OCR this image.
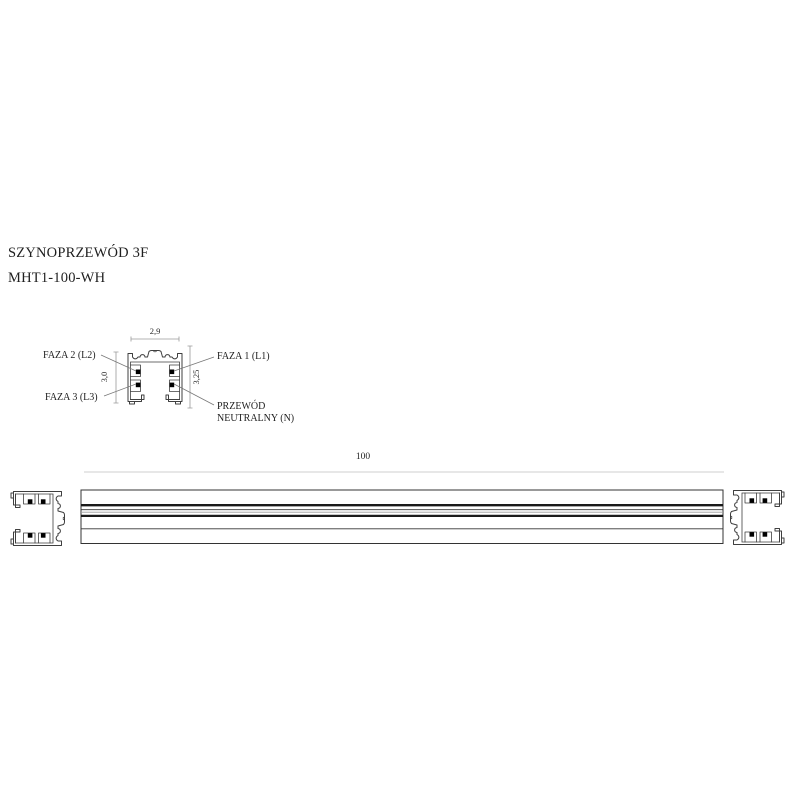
SZYNOPRZEWÓD 3F
MHT1-100-WH
2,9
3,0	3,25
FAZA 2 (L2)
FAZA 3 (L3)
FAZA 1 (L1)
PRZEWÓD
NEUTRALNY (N)
100
